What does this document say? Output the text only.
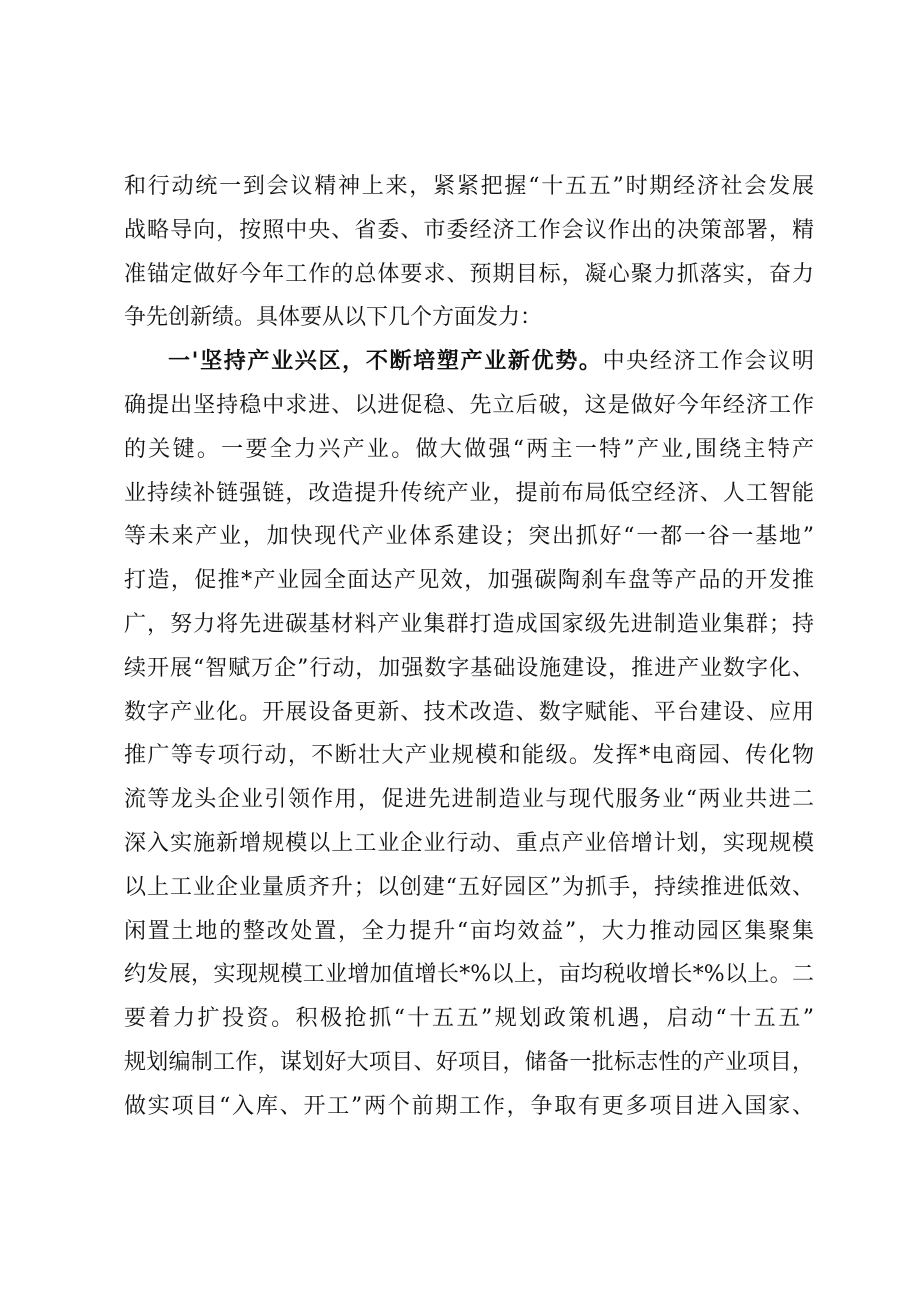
和行动统一到会议精神上来，紧紧把握“十五五”时期经济社会发展
战略导向，按照中央、省委、市委经济工作会议作出的决策部署，精
准锚定做好今年工作的总体要求、预期目标，凝心聚力抓落实，奋力
争先创新绩。具体要从以下几个方面发力：
一'坚持产业兴区，不断培塑产业新优势。中央经济工作会议明
确提出坚持稳中求进、以进促稳、先立后破，这是做好今年经济工作
的关键。一要全力兴产业。做大做强“两主一特”产业,围绕主特产
业持续补链强链，改造提升传统产业，提前布局低空经济、人工智能
等未来产业，加快现代产业体系建设；突出抓好“一都一谷一基地”
打造，促推*产业园全面达产见效，加强碳陶刹车盘等产品的开发推
广，努力将先进碳基材料产业集群打造成国家级先进制造业集群；持
续开展“智赋万企”行动，加强数字基础设施建设，推进产业数字化、
数字产业化。开展设备更新、技术改造、数字赋能、平台建设、应用
推广等专项行动，不断壮大产业规模和能级。发挥*电商园、传化物
流等龙头企业引领作用，促进先进制造业与现代服务业“两业共进二
深入实施新增规模以上工业企业行动、重点产业倍增计划，实现规模
以上工业企业量质齐升；以创建“五好园区”为抓手，持续推进低效、
闲置土地的整改处置，全力提升“亩均效益”，大力推动园区集聚集
约发展，实现规模工业增加值增长*%以上，亩均税收增长*%以上。二
要着力扩投资。积极抢抓“十五五”规划政策机遇，启动“十五五”
规划编制工作，谋划好大项目、好项目，储备一批标志性的产业项目，
做实项目“入库、开工”两个前期工作，争取有更多项目进入国家、
